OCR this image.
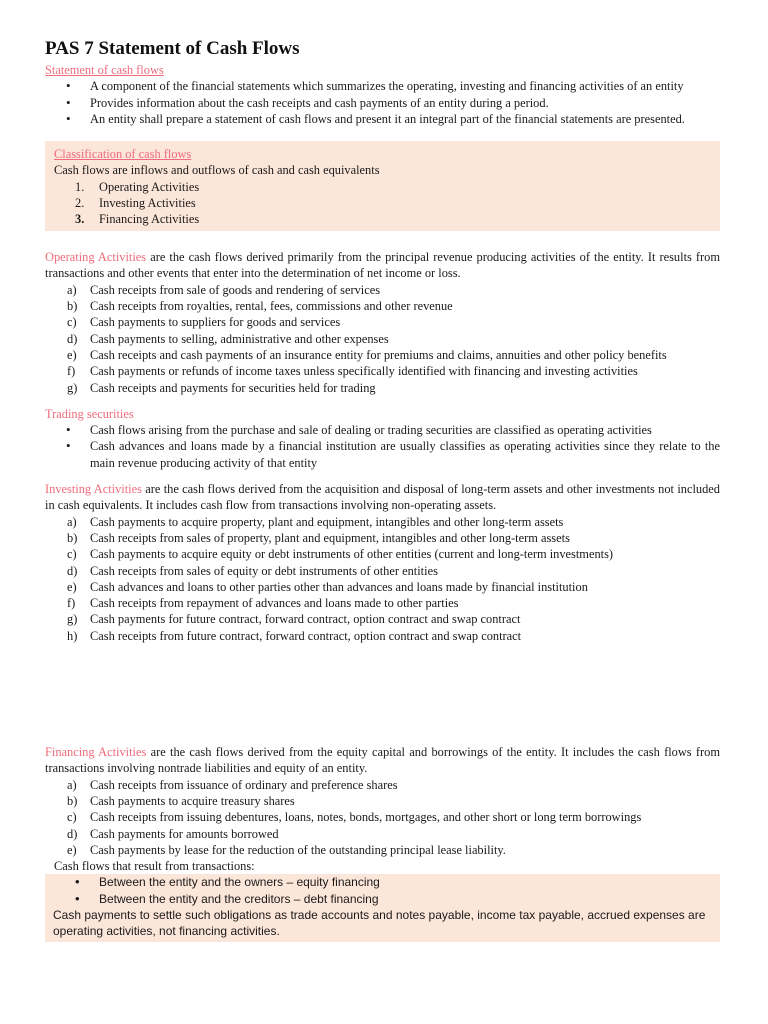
PAS 7 Statement of Cash Flows
Statement of cash flows
• A component of the financial statements which summarizes the operating, investing and financing activities of an entity
• Provides information about the cash receipts and cash payments of an entity during a period.
• An entity shall prepare a statement of cash flows and present it an integral part of the financial statements are presented.
Classification of cash flows
Cash flows are inflows and outflows of cash and cash equivalents
1. Operating Activities
2. Investing Activities
3. Financing Activities

Operating Activities are the cash flows derived primarily from the principal revenue producing activities of the entity. It results from transactions and other events that enter into the determination of net income or loss.

a) Cash receipts from sale of goods and rendering of services
b) Cash receipts from royalties, rental, fees, commissions and other revenue
c) Cash payments to suppliers for goods and services
d) Cash payments to selling, administrative and other expenses
e) Cash receipts and cash payments of an insurance entity for premiums and claims, annuities and other policy benefits
f) Cash payments or refunds of income taxes unless specifically identified with financing and investing activities
g) Cash receipts and payments for securities held for trading
Trading securities
• Cash flows arising from the purchase and sale of dealing or trading securities are classified as operating activities
• Cash advances and loans made by a financial institution are usually classifies as operating activities since they relate to the main revenue producing activity of that entity

Investing Activities are the cash flows derived from the acquisition and disposal of long-term assets and other investments not included in cash equivalents. It includes cash flow from transactions involving non-operating assets.

a) Cash payments to acquire property, plant and equipment, intangibles and other long-term assets
b) Cash receipts from sales of property, plant and equipment, intangibles and other long-term assets
c) Cash payments to acquire equity or debt instruments of other entities (current and long-term investments)
d) Cash receipts from sales of equity or debt instruments of other entities
e) Cash advances and loans to other parties other than advances and loans made by financial institution
f) Cash receipts from repayment of advances and loans made to other parties
g) Cash payments for future contract, forward contract, option contract and swap contract
h) Cash receipts from future contract, forward contract, option contract and swap contract

Financing Activities are the cash flows derived from the equity capital and borrowings of the entity. It includes the cash flows from transactions involving nontrade liabilities and equity of an entity.

a) Cash receipts from issuance of ordinary and preference shares
b) Cash payments to acquire treasury shares
c) Cash receipts from issuing debentures, loans, notes, bonds, mortgages, and other short or long term borrowings
d) Cash payments for amounts borrowed
e) Cash payments by lease for the reduction of the outstanding principal lease liability.
Cash flows that result from transactions:
• Between the entity and the owners – equity financing
• Between the entity and the creditors – debt financing
Cash payments to settle such obligations as trade accounts and notes payable, income tax payable, accrued expenses are operating activities, not financing activities.
